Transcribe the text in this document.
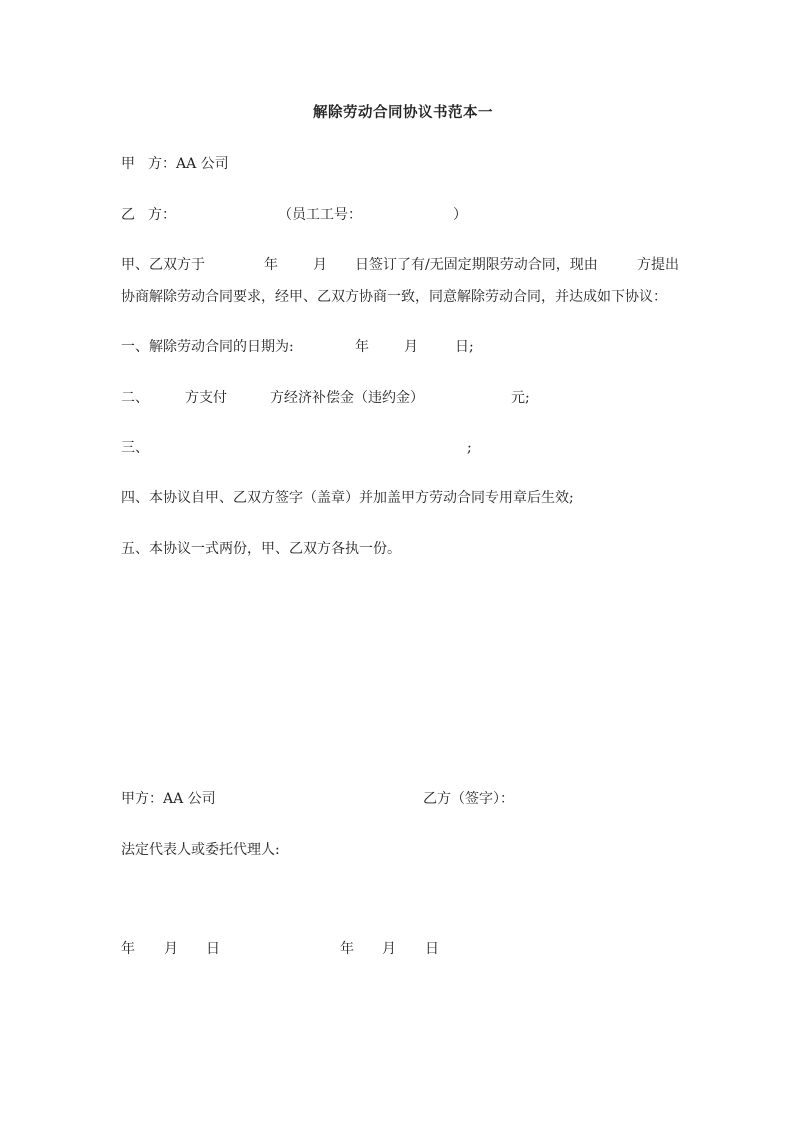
解除劳动合同协议书范本一
甲 方：AA 公司
乙 方：	（员工工号：	）
甲、乙双方于	年	月 日签订了有/无固定期限劳动合同，现由	方提出
协商解除劳动合同要求，经甲、乙双方协商一致，同意解除劳动合同，并达成如下协议：
一、解除劳动合同的日期为:	年	月	日;
二、	方支付	方经济补偿金（违约金）	元;
三、	;
四、本协议自甲、乙双方签字（盖章）并加盖甲方劳动合同专用章后生效;
五、本协议一式两份，甲、乙双方各执一份。
甲方：AA 公司	乙方（签字）：
法定代表人或委托代理人:
年 月 日	年 月 日
